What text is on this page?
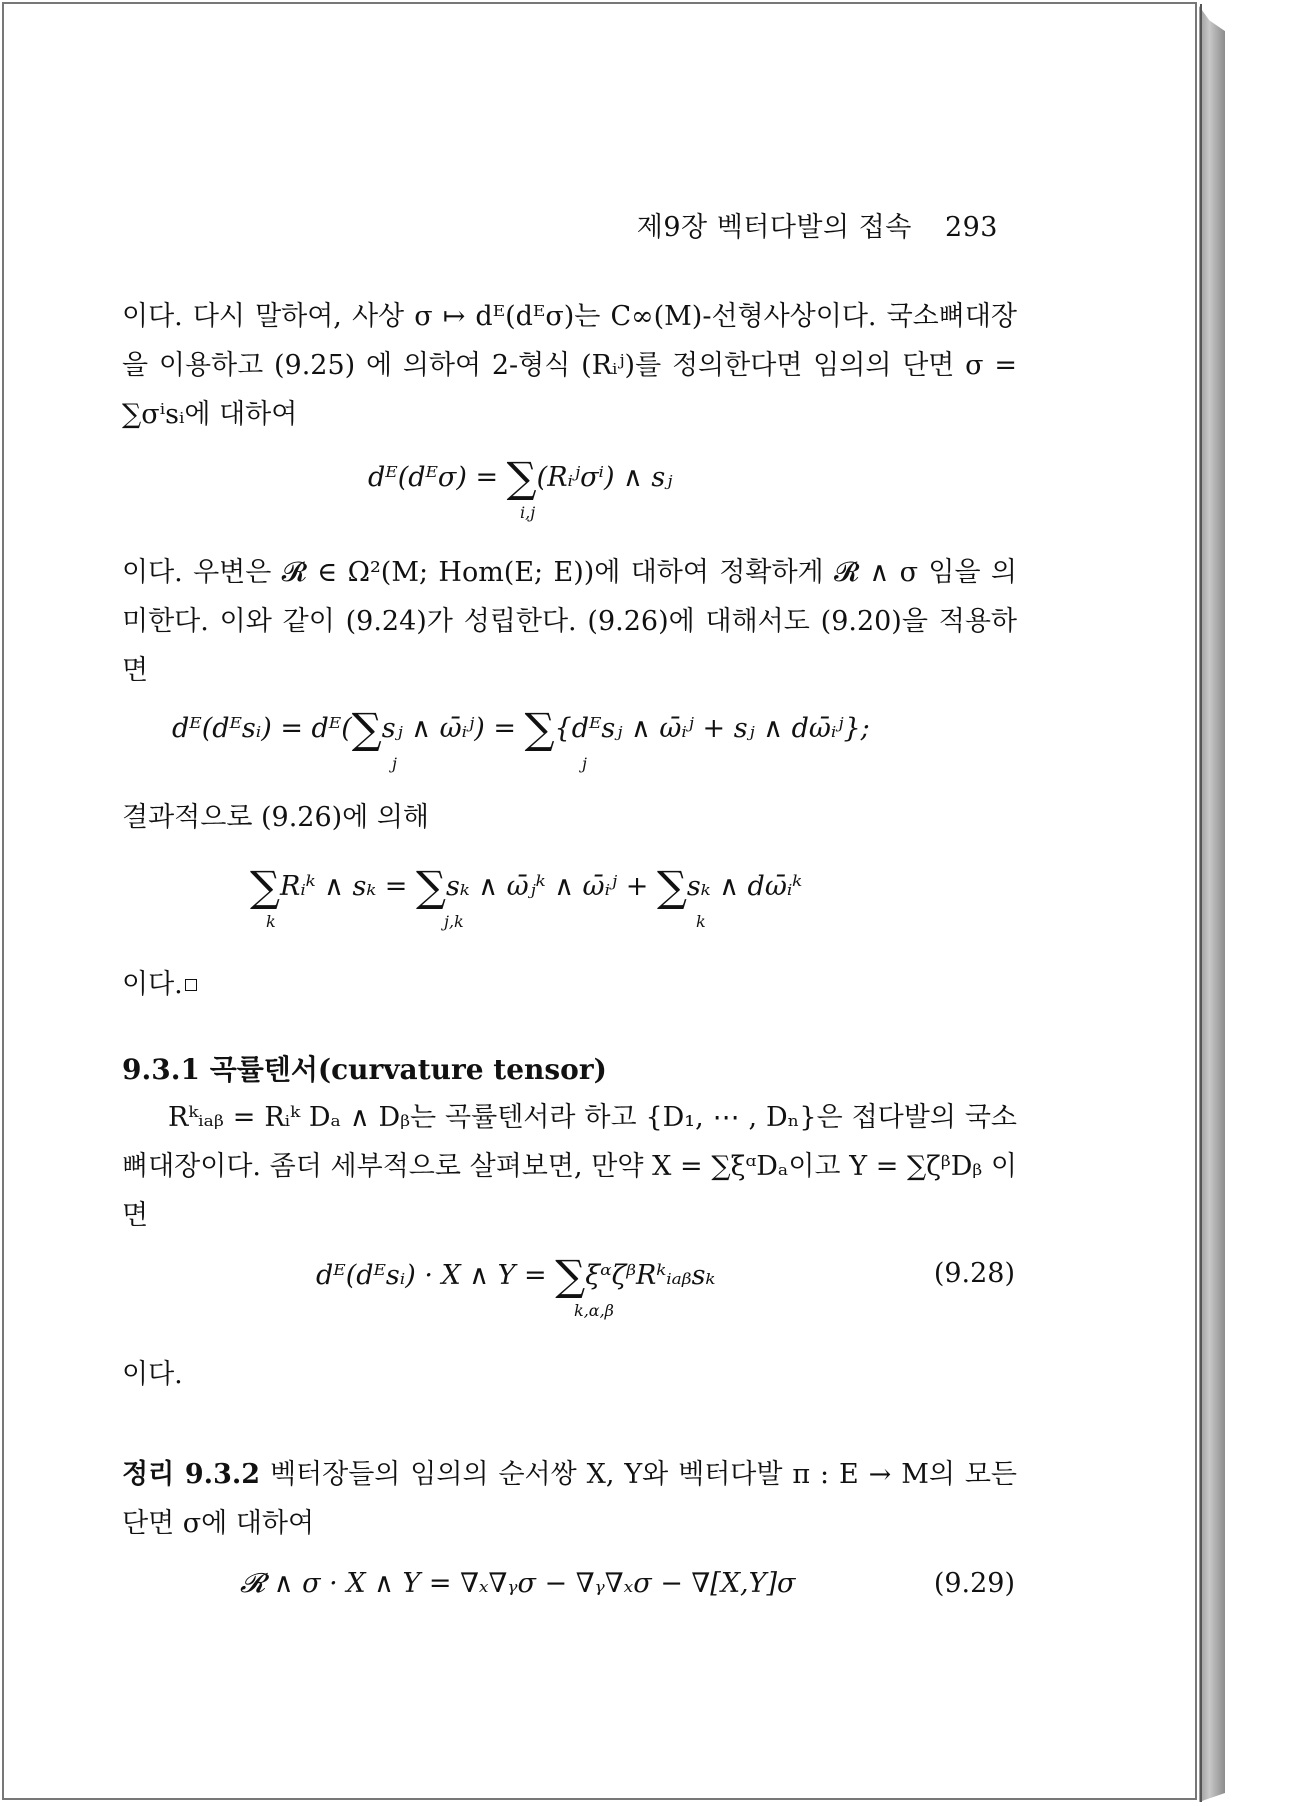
제9장 벡터다발의 접속 293
이다. 다시 말하여, 사상 σ ↦ dᴱ(dᴱσ)는 C∞(M)-선형사상이다. 국소뼈대장을 이용하고 (9.25) 에 의하여 2-형식 (Rᵢʲ)를 정의한다면 임의의 단면 σ = ∑σⁱsᵢ에 대하여
dᴱ(dᴱσ) = ∑(Rᵢʲσⁱ) ∧ sⱼ
i,j
이다. 우변은 𝓡 ∈ Ω²(M; Hom(E; E))에 대하여 정확하게 𝓡 ∧ σ 임을 의미한다. 이와 같이 (9.24)가 성립한다. (9.26)에 대해서도 (9.20)을 적용하면
dᴱ(dᴱsᵢ) = dᴱ(∑sⱼ ∧ ω̄ᵢʲ) = ∑{dᴱsⱼ ∧ ω̄ᵢʲ + sⱼ ∧ dω̄ᵢʲ};
j	j
결과적으로 (9.26)에 의해
∑Rᵢᵏ ∧ sₖ = ∑sₖ ∧ ω̄ⱼᵏ ∧ ω̄ᵢʲ + ∑sₖ ∧ dω̄ᵢᵏ
k	j,k	k
이다.
9.3.1 곡률텐서(curvature tensor)
Rᵏᵢₐᵦ = Rᵢᵏ Dₐ ∧ Dᵦ는 곡률텐서라 하고 {D₁, ⋯ , Dₙ}은 접다발의 국소뼈대장이다. 좀더 세부적으로 살펴보면, 만약 X = ∑ξᵅDₐ이고 Y = ∑ζᵝDᵦ 이면
dᴱ(dᴱsᵢ) · X ∧ Y = ∑ξᵅζᵝRᵏᵢₐᵦsₖ
k,α,β
(9.28)
이다.
정리 9.3.2 벡터장들의 임의의 순서쌍 X, Y와 벡터다발 π : E → M의 모든 단면 σ에 대하여
𝓡 ∧ σ · X ∧ Y = ∇ₓ∇ᵧσ − ∇ᵧ∇ₓσ − ∇[X,Y]σ	(9.29)
